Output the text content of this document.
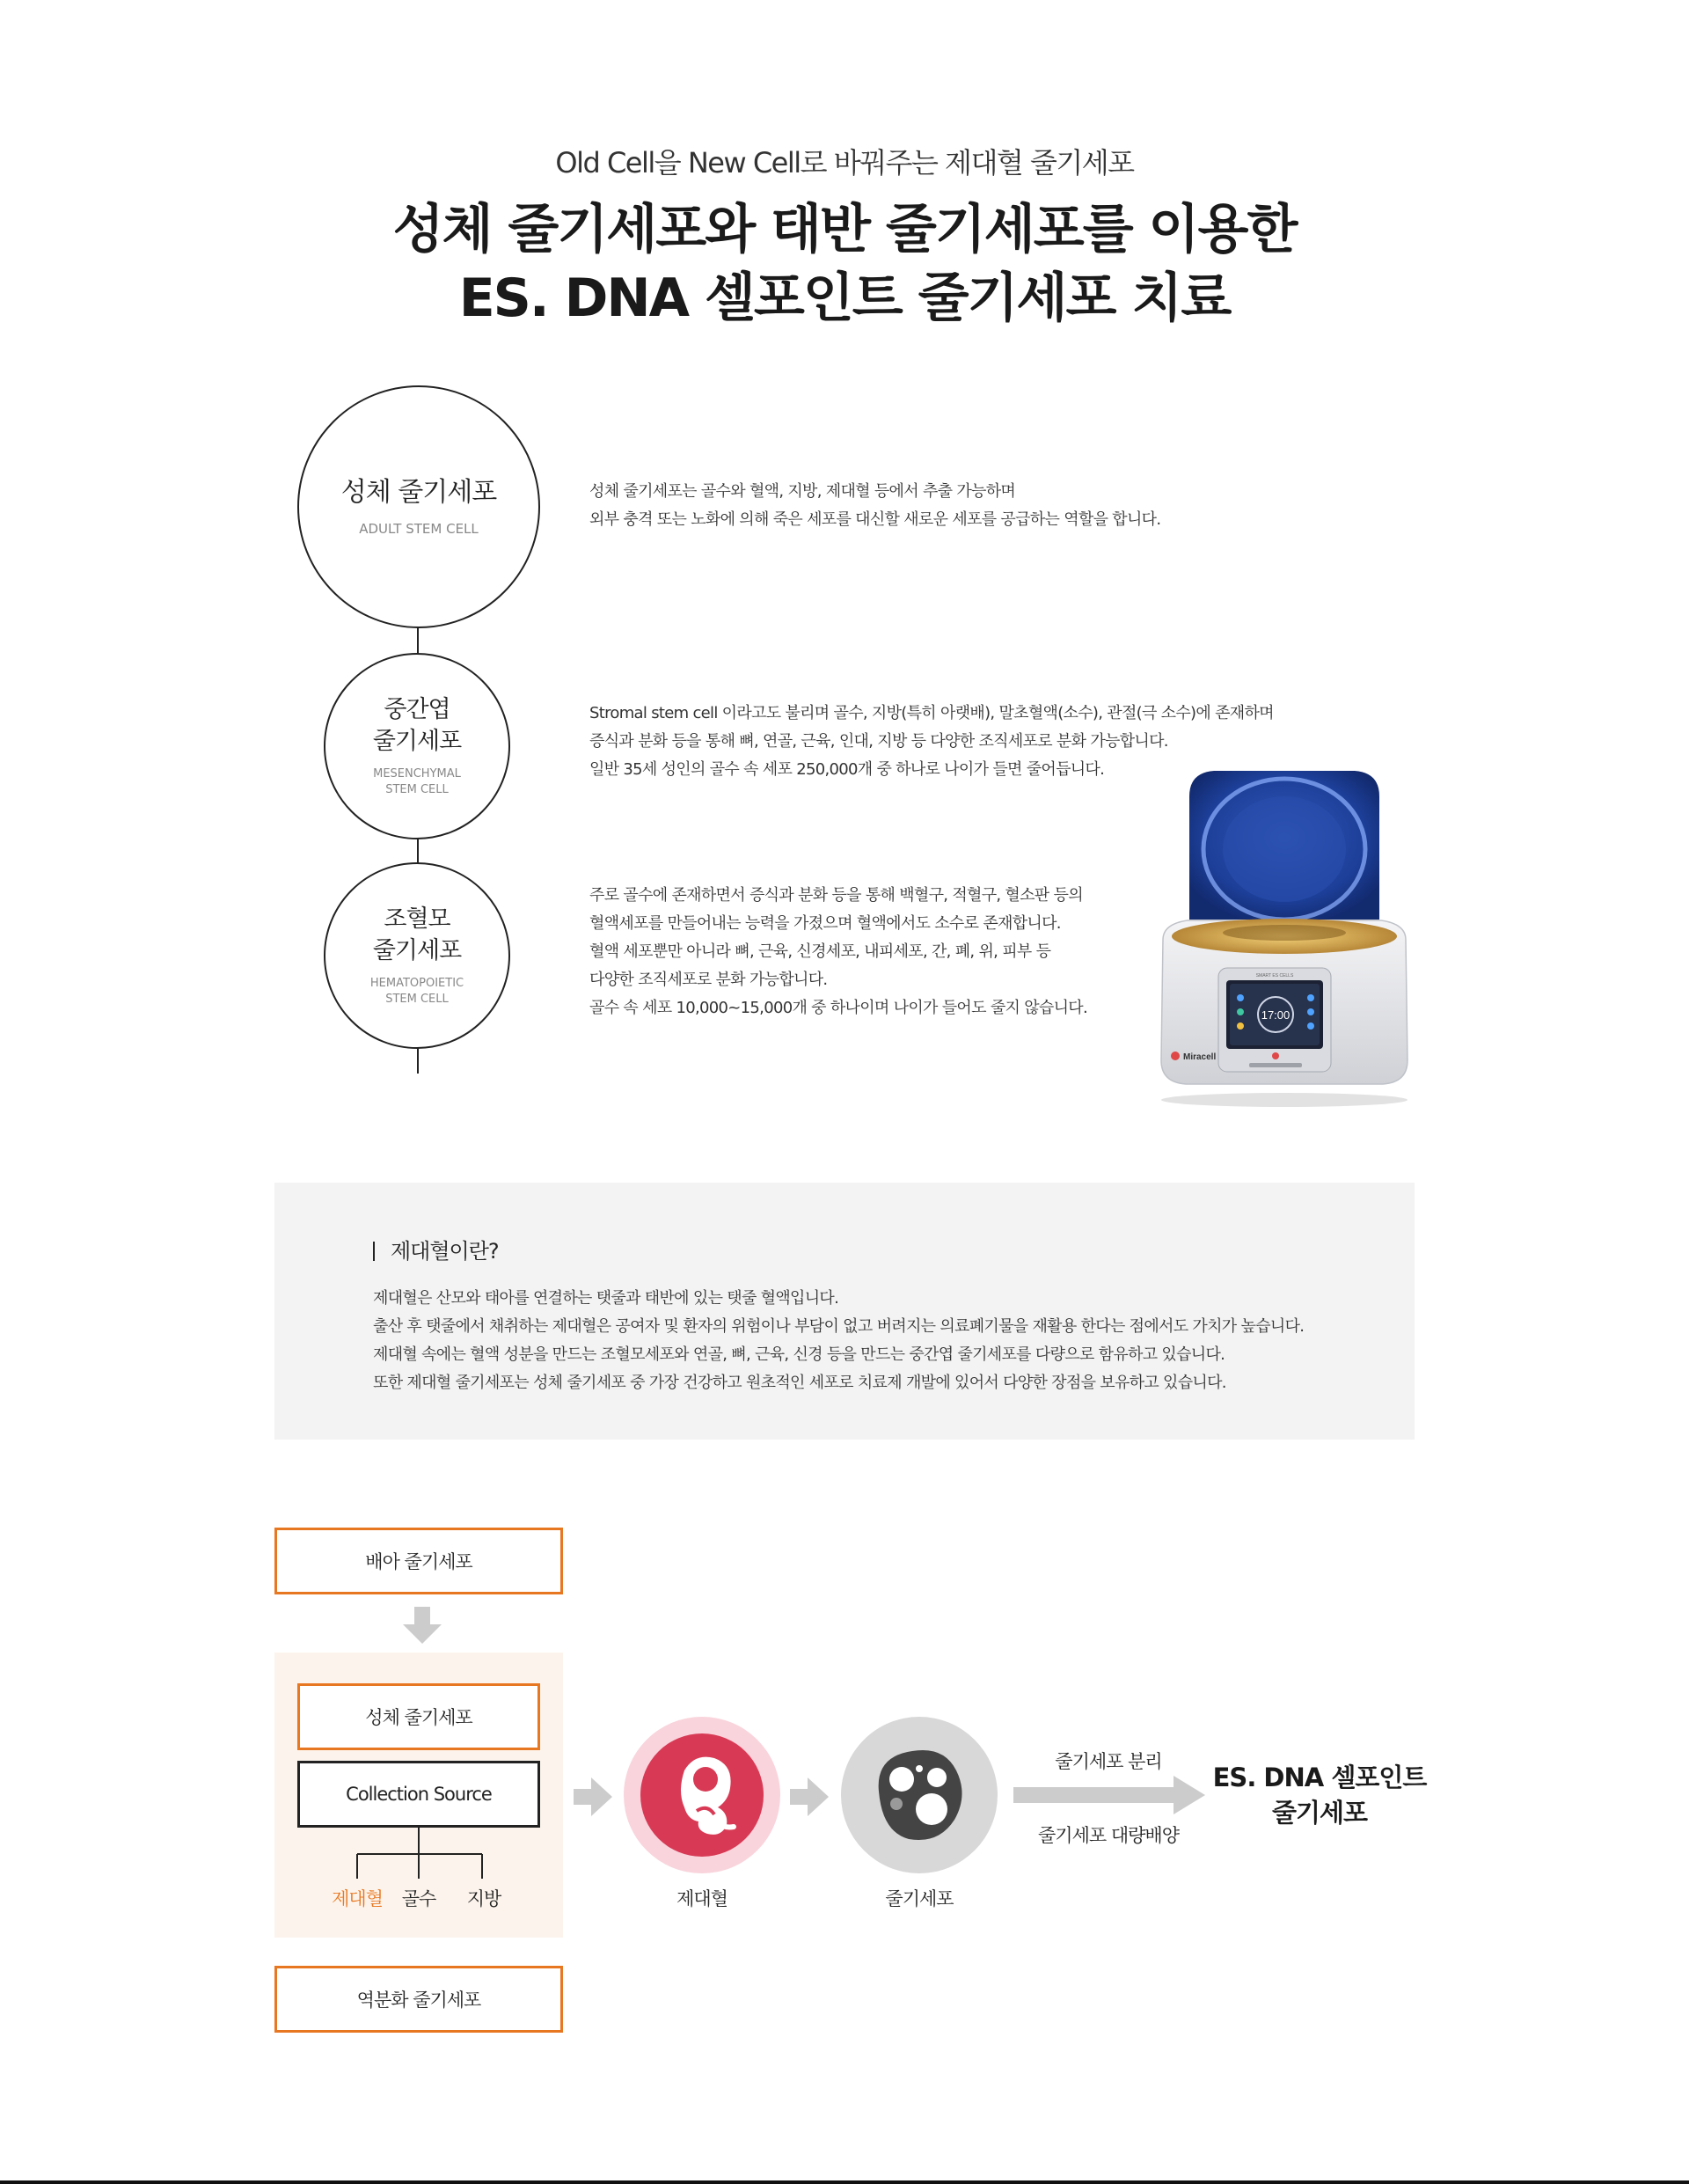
Old Cell을 New Cell로 바꿔주는 제대혈 줄기세포
성체 줄기세포와 태반 줄기세포를 이용한
ES. DNA 셀포인트 줄기세포 치료
성체 줄기세포
ADULT STEM CELL
중간엽
줄기세포
MESENCHYMAL
STEM CELL
조혈모
줄기세포
HEMATOPOIETIC
STEM CELL
성체 줄기세포는 골수와 혈액, 지방, 제대혈 등에서 추출 가능하며
외부 충격 또는 노화에 의해 죽은 세포를 대신할 새로운 세포를 공급하는 역할을 합니다.
Stromal stem cell 이라고도 불리며 골수, 지방(특히 아랫배), 말초혈액(소수), 관절(극 소수)에 존재하며
증식과 분화 등을 통해 뼈, 연골, 근육, 인대, 지방 등 다양한 조직세포로 분화 가능합니다.
일반 35세 성인의 골수 속 세포 250,000개 중 하나로 나이가 들면 줄어듭니다.
주로 골수에 존재하면서 증식과 분화 등을 통해 백혈구, 적혈구, 혈소판 등의
혈액세포를 만들어내는 능력을 가졌으며 혈액에서도 소수로 존재합니다.
혈액 세포뿐만 아니라 뼈, 근육, 신경세포, 내피세포, 간, 폐, 위, 피부 등
다양한 조직세포로 분화 가능합니다.
골수 속 세포 10,000~15,000개 중 하나이며 나이가 들어도 줄지 않습니다.	17:00
SMART ES CELLS
Miracell
제대혈이란?
제대혈은 산모와 태아를 연결하는 탯줄과 태반에 있는 탯줄 혈액입니다.
출산 후 탯줄에서 채취하는 제대혈은 공여자 및 환자의 위험이나 부담이 없고 버려지는 의료폐기물을 재활용 한다는 점에서도 가치가 높습니다.
제대혈 속에는 혈액 성분을 만드는 조혈모세포와 연골, 뼈, 근육, 신경 등을 만드는 중간엽 줄기세포를 다량으로 함유하고 있습니다.
또한 제대혈 줄기세포는 성체 줄기세포 중 가장 건강하고 원초적인 세포로 치료제 개발에 있어서 다양한 장점을 보유하고 있습니다.
배아 줄기세포
성체 줄기세포
Collection Source
제대혈	골수	지방
역분화 줄기세포
제대혈	줄기세포
줄기세포 분리
줄기세포 대량배양
ES. DNA 셀포인트
줄기세포
